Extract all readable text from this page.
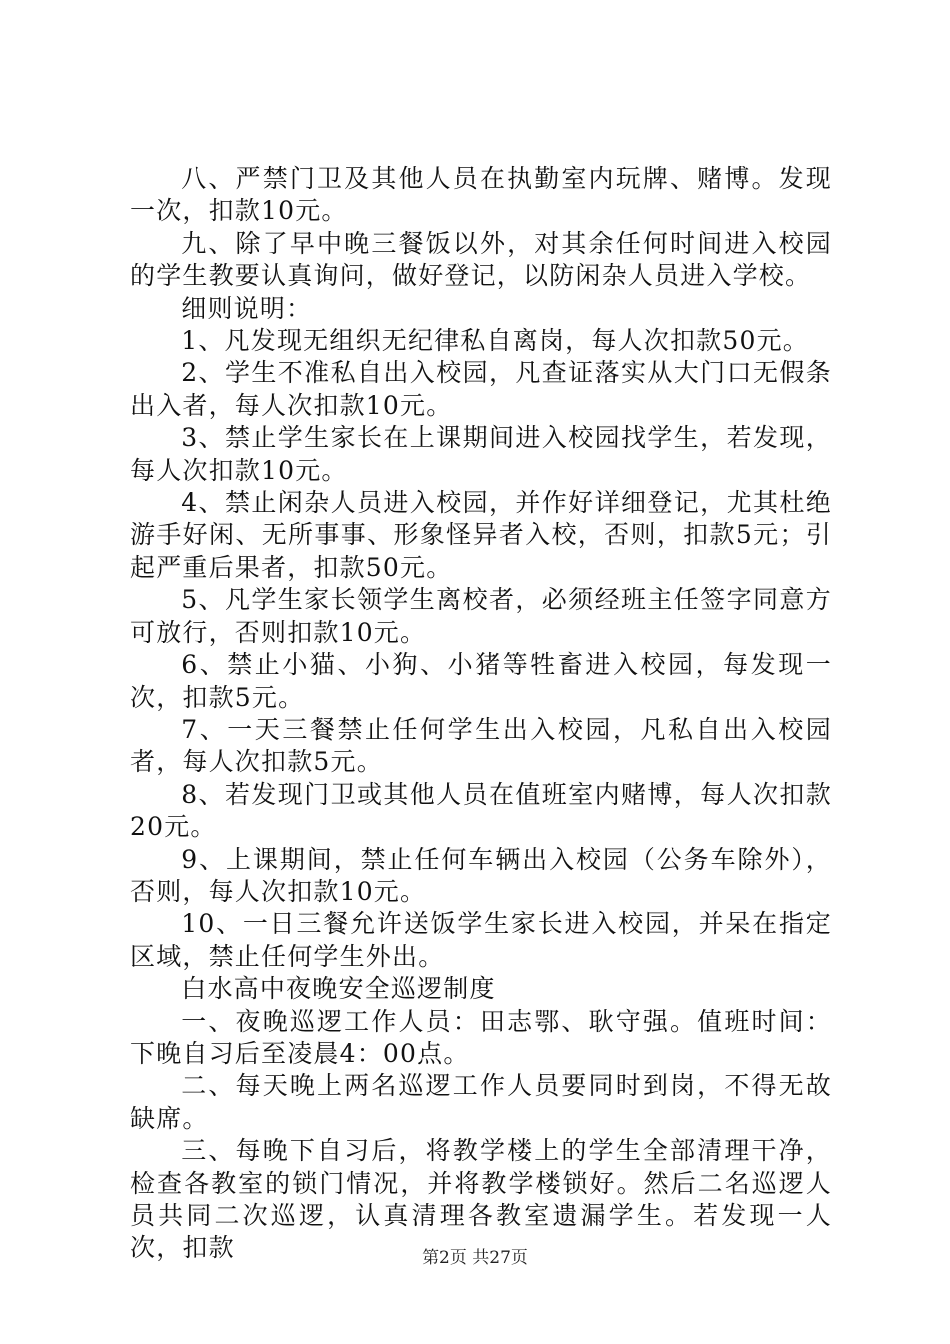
八、严禁门卫及其他人员在执勤室内玩牌、赌博。发现一次，扣款10元。

九、除了早中晚三餐饭以外，对其余任何时间进入校园的学生教要认真询问，做好登记，以防闲杂人员进入学校。

细则说明：

1、凡发现无组织无纪律私自离岗，每人次扣款50元。

2、学生不准私自出入校园，凡查证落实从大门口无假条出入者，每人次扣款10元。

3、禁止学生家长在上课期间进入校园找学生，若发现，每人次扣款10元。

4、禁止闲杂人员进入校园，并作好详细登记，尤其杜绝游手好闲、无所事事、形象怪异者入校，否则，扣款5元；引起严重后果者，扣款50元。

5、凡学生家长领学生离校者，必须经班主任签字同意方可放行，否则扣款10元。

6、禁止小猫、小狗、小猪等牲畜进入校园，每发现一次，扣款5元。

7、一天三餐禁止任何学生出入校园，凡私自出入校园者，每人次扣款5元。

8、若发现门卫或其他人员在值班室内赌博，每人次扣款20元。

9、上课期间，禁止任何车辆出入校园（公务车除外），否则，每人次扣款10元。

10、一日三餐允许送饭学生家长进入校园，并呆在指定区域，禁止任何学生外出。

白水高中夜晚安全巡逻制度

一、夜晚巡逻工作人员：田志鄂、耿守强。值班时间：下晚自习后至凌晨4：00点。

二、每天晚上两名巡逻工作人员要同时到岗，不得无故缺席。

三、每晚下自习后，将教学楼上的学生全部清理干净，检查各教室的锁门情况，并将教学楼锁好。然后二名巡逻人员共同二次巡逻，认真清理各教室遗漏学生。若发现一人次，扣款	第2页 共27页
